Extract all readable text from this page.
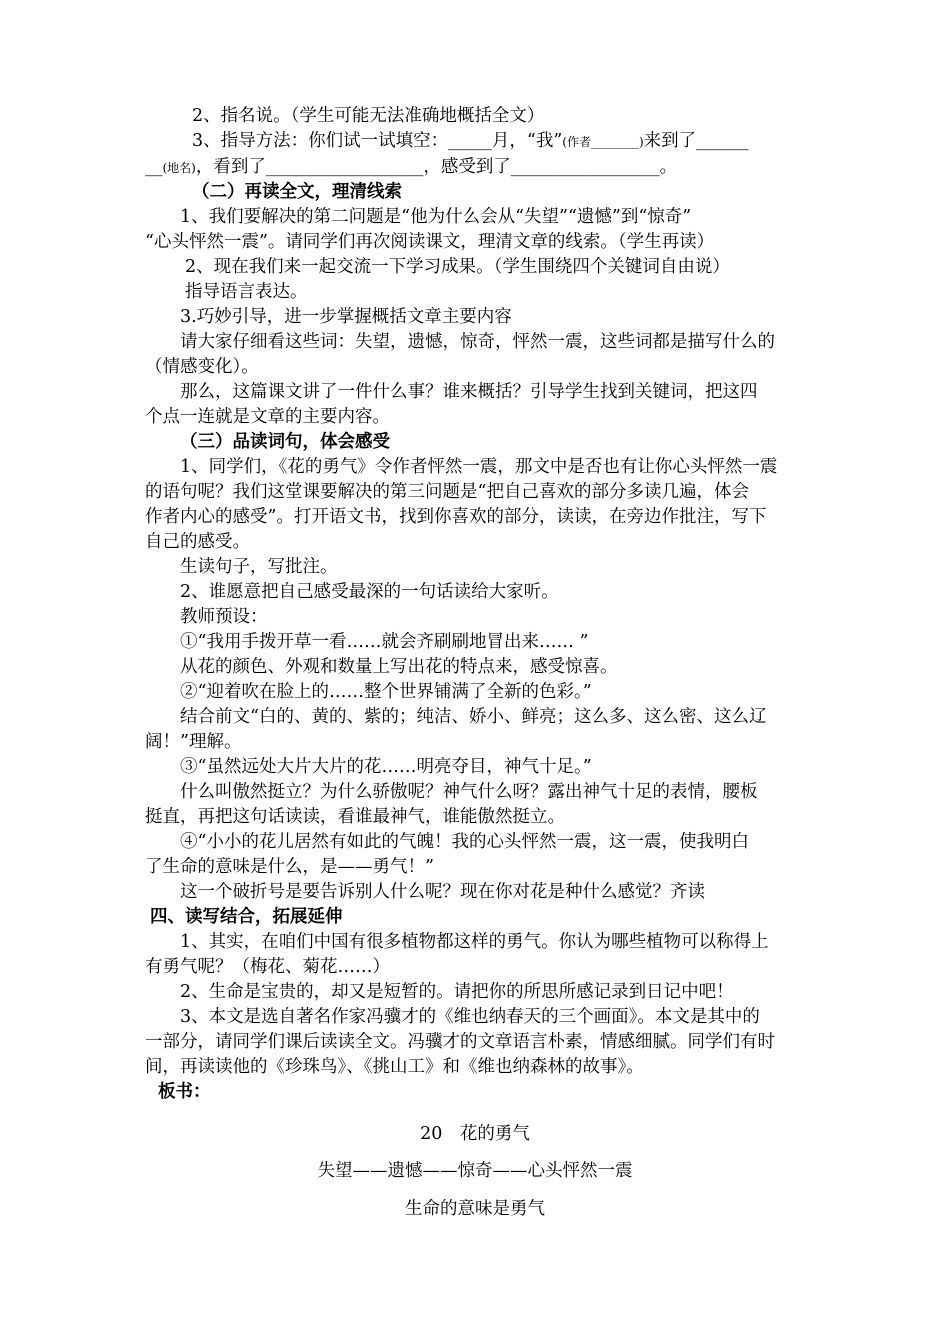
2、指名说。（学生可能无法准确地概括全文）
3、指导方法：你们试一试填空：_____月，“我”(作者________)来到了______
__(地名)，看到了__________________，感受到了_________________。
（二）再读全文，理清线索
1、我们要解决的第二问题是“他为什么会从“失望”“遗憾”到“惊奇”
“心头怦然一震”。请同学们再次阅读课文，理清文章的线索。（学生再读）
2、现在我们来一起交流一下学习成果。（学生围绕四个关键词自由说）
指导语言表达。
3.巧妙引导，进一步掌握概括文章主要内容
请大家仔细看这些词：失望，遗憾，惊奇，怦然一震，这些词都是描写什么的
（情感变化）。
那么，这篇课文讲了一件什么事？谁来概括？引导学生找到关键词，把这四
个点一连就是文章的主要内容。
（三）品读词句，体会感受
1、同学们，《花的勇气》令作者怦然一震，那文中是否也有让你心头怦然一震
的语句呢？我们这堂课要解决的第三问题是“把自己喜欢的部分多读几遍，体会
作者内心的感受”。打开语文书，找到你喜欢的部分，读读，在旁边作批注，写下
自己的感受。
生读句子，写批注。
2、谁愿意把自己感受最深的一句话读给大家听。
教师预设：
①“我用手拨开草一看……就会齐刷刷地冒出来…… ”
从花的颜色、外观和数量上写出花的特点来，感受惊喜。
②“迎着吹在脸上的……整个世界铺满了全新的色彩。”
结合前文“白的、黄的、紫的；纯洁、娇小、鲜亮；这么多、这么密、这么辽
阔！”理解。
③“虽然远处大片大片的花……明亮夺目，神气十足。”
什么叫傲然挺立？为什么骄傲呢？神气什么呀？露出神气十足的表情，腰板
挺直，再把这句话读读，看谁最神气，谁能傲然挺立。
④“小小的花儿居然有如此的气魄！我的心头怦然一震，这一震，使我明白
了生命的意味是什么，是——勇气！”
这一个破折号是要告诉别人什么呢？现在你对花是种什么感觉？齐读
四、读写结合，拓展延伸
1、其实，在咱们中国有很多植物都这样的勇气。你认为哪些植物可以称得上
有勇气呢？（梅花、菊花……）
2、生命是宝贵的，却又是短暂的。请把你的所思所感记录到日记中吧！
3、本文是选自著名作家冯骥才的《维也纳春天的三个画面》。本文是其中的
一部分，请同学们课后读读全文。冯骥才的文章语言朴素，情感细腻。同学们有时
间，再读读他的《珍珠鸟》、《挑山工》和《维也纳森林的故事》。
板书：
20　花的勇气
失望——遗憾——惊奇——心头怦然一震
生命的意味是勇气
